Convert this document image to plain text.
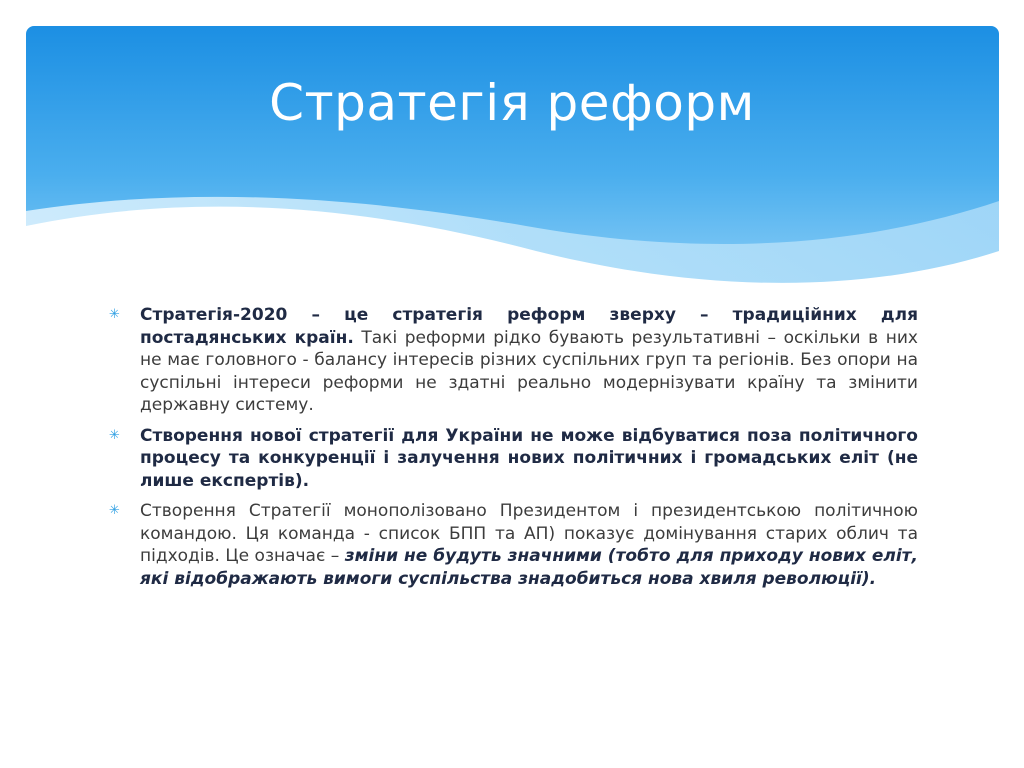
Стратегія реформ

✳ Стратегія-2020 – це стратегія реформ зверху – традиційних для постадянських країн. Такі реформи рідко бувають результативні – оскільки в них не має головного - балансу інтересів різних суспільних груп та регіонів. Без опори на суспільні інтереси реформи не здатні реально модернізувати країну та змінити державну систему.

✳ Створення нової стратегії для України не може відбуватися поза політичного процесу та конкуренції і залучення нових політичних і громадських еліт (не лише експертів).

✳ Створення Стратегії монополізовано Президентом і президентською політичною командою. Ця команда - список БПП та АП) показує домінування старих облич та підходів. Це означає – зміни не будуть значними (тобто для приходу нових еліт, які відображають вимоги суспільства знадобиться нова хвиля революції).
